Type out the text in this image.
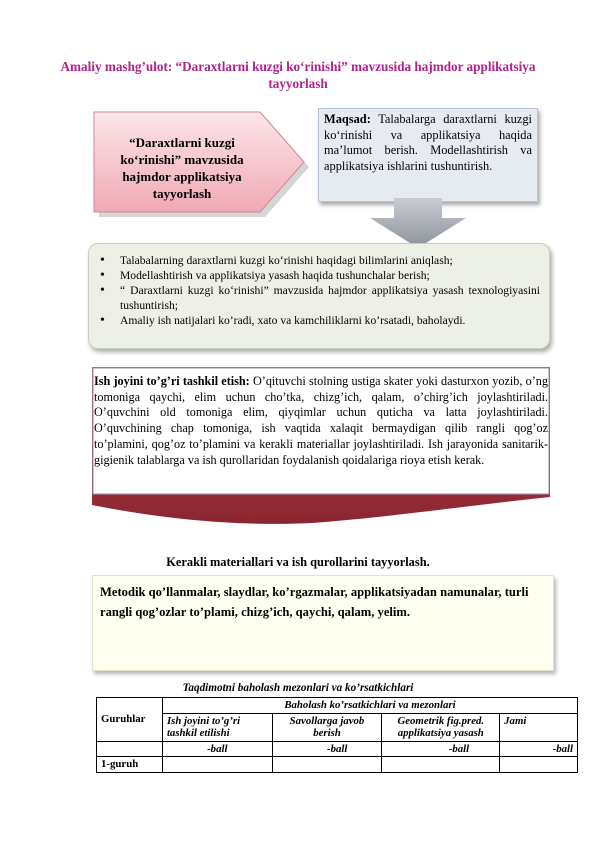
Amaliy mashg’ulot: “Daraxtlarni kuzgi ko‘rinishi” mavzusida hajmdor applikatsiya tayyorlash
“Daraxtlarni kuzgi ko‘rinishi” mavzusida hajmdor applikatsiya tayyorlash
Maqsad: Talabalarga daraxtlarni kuzgi ko‘rinishi va applikatsiya haqida ma’lumot berish. Modellashtirish va applikatsiya ishlarini tushuntirish.
• Talabalarning daraxtlarni kuzgi ko‘rinishi haqidagi bilimlarini aniqlash;
• Modellashtirish va applikatsiya yasash haqida tushunchalar berish;
• “ Daraxtlarni kuzgi ko‘rinishi” mavzusida hajmdor applikatsiya yasash texnologiyasini tushuntirish;
• Amaliy ish natijalari ko’radi, xato va kamchiliklarni ko’rsatadi, baholaydi.
Ish joyini to’g’ri tashkil etish: O’qituvchi stolning ustiga skater yoki dasturxon yozib, o’ng tomoniga qaychi, elim uchun cho’tka, chizg’ich, qalam, o’chirg’ich joylashtiriladi. O’quvchini old tomoniga elim, qiyqimlar uchun quticha va latta joylashtiriladi. O’quvchining chap tomoniga, ish vaqtida xalaqit bermaydigan qilib rangli qog’oz to’plamini, qog’oz to’plamini va kerakli materiallar joylashtiriladi. Ish jarayonida sanitarik-gigienik talablarga va ish qurollaridan foydalanish qoidalariga rioya etish kerak.
Kerakli materiallari va ish qurollarini tayyorlash.
Metodik qo’llanmalar, slaydlar, ko’rgazmalar, applikatsiyadan namunalar, turli rangli qog’ozlar to’plami, chizg’ich, qaychi, qalam, yelim.
Taqdimotni baholash mezonlari va ko’rsatkichlari
Guruhlar	Baholash ko’rsatkichlari va mezonlari			
	Ish joyini to’g’ri tashkil etilishi	Savollarga javob berish	Geometrik fig.pred. applikatsiya yasash	Jami
	-ball	-ball	-ball	-ball
1-guruh				
